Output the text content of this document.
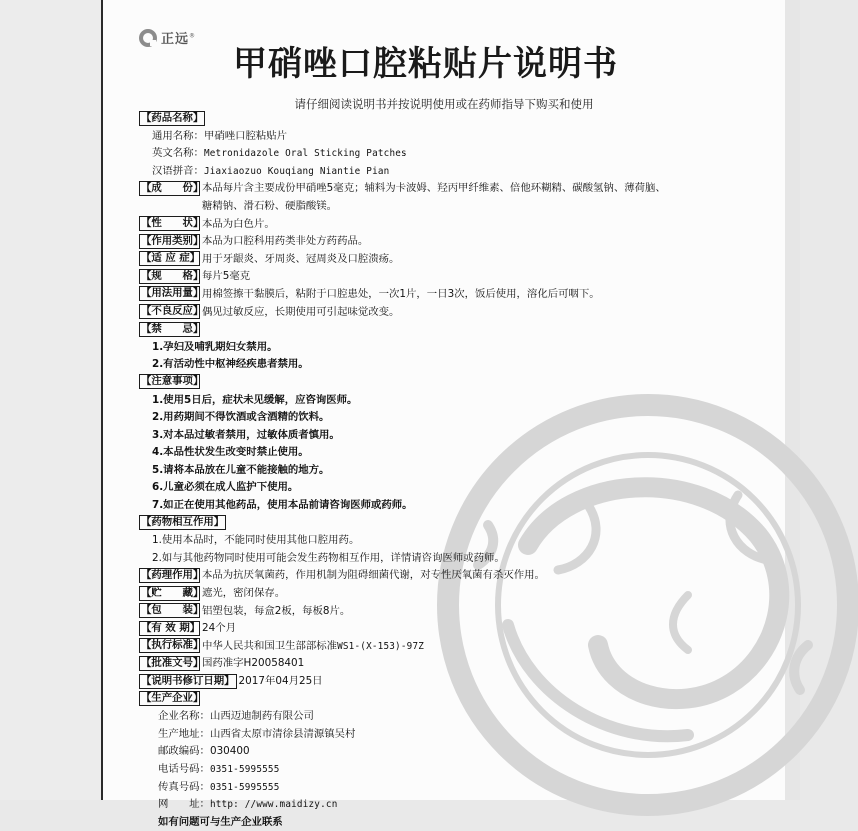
正远®
甲硝唑口腔粘贴片说明书
请仔细阅读说明书并按说明使用或在药师指导下购买和使用
【药品名称】
通用名称：甲硝唑口腔粘贴片
英文名称：Metronidazole Oral Sticking Patches
汉语拼音：Jiaxiaozuo Kouqiang Niantie Pian
【成　　份】本品每片含主要成份甲硝唑5毫克；辅料为卡波姆、羟丙甲纤维素、倍他环糊精、碳酸氢钠、薄荷脑、
糖精钠、滑石粉、硬脂酸镁。
【性　　状】本品为白色片。
【作用类别】本品为口腔科用药类非处方药药品。
【适 应 症】 用于牙龈炎、牙周炎、冠周炎及口腔溃疡。
【规　　格】每片5毫克
【用法用量】用棉签擦干黏膜后，粘附于口腔患处，一次1片，一日3次，饭后使用，溶化后可咽下。
【不良反应】偶见过敏反应，长期使用可引起味觉改变。
【禁　　忌】
1.孕妇及哺乳期妇女禁用。
2.有活动性中枢神经疾患者禁用。
【注意事项】
1.使用5日后，症状未见缓解，应咨询医师。
2.用药期间不得饮酒或含酒精的饮料。
3.对本品过敏者禁用，过敏体质者慎用。
4.本品性状发生改变时禁止使用。
5.请将本品放在儿童不能接触的地方。
6.儿童必须在成人监护下使用。
7.如正在使用其他药品，使用本品前请咨询医师或药师。
【药物相互作用】
1.使用本品时，不能同时使用其他口腔用药。
2.如与其他药物同时使用可能会发生药物相互作用，详情请咨询医师或药师。
【药理作用】本品为抗厌氧菌药，作用机制为阻碍细菌代谢，对专性厌氧菌有杀灭作用。
【贮　　藏】遮光，密闭保存。
【包　　装】铝塑包装，每盒2板，每板8片。
【有 效 期】 24个月
【执行标准】中华人民共和国卫生部部标准WS1-(X-153)-97Z
【批准文号】国药准字H20058401
【说明书修订日期】 2017年04月25日
【生产企业】
企业名称：山西迈迪制药有限公司
生产地址：山西省太原市清徐县清源镇吴村
邮政编码：030400
电话号码：0351-5995555
传真号码：0351-5995555
网　　址：http: //www.maidizy.cn
如有问题可与生产企业联系
